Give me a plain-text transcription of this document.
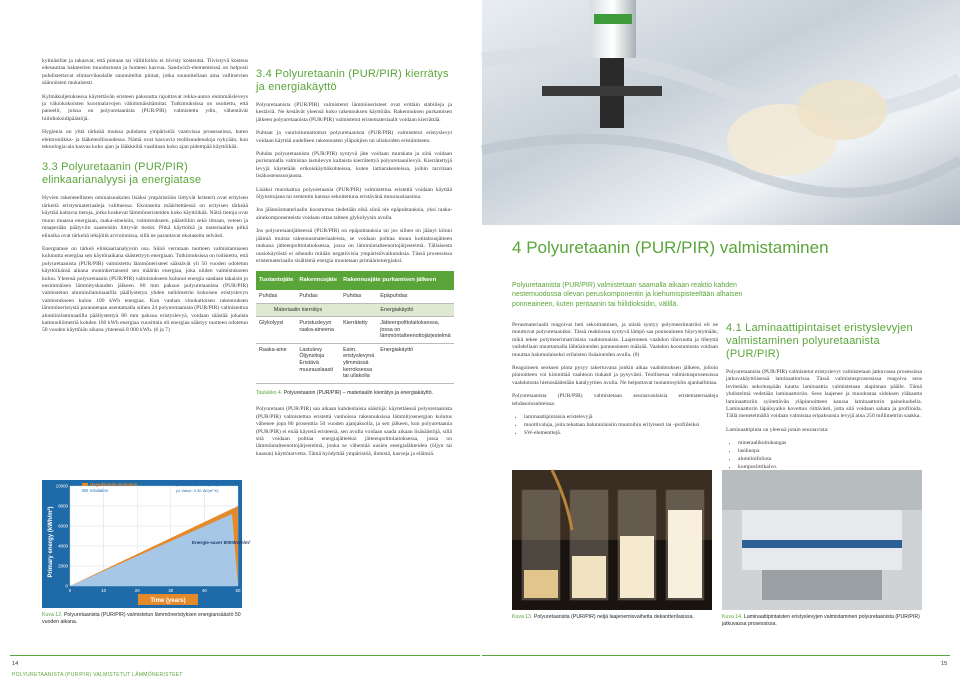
kylmäsillat ja takaavat, että pintaan tai välitiloihin ei tiivisty kosteutta. Tiivistyvä kosteus edesauttaa bakteerien muodostusta ja homeen kasvua. Sandwich-elementeissä on helposti puhdistettavat elintarvikealalle suunnitellut pinnat, jotka suunnitellaan aina vallitsevien säännösten mukaisesti.

Kylmäkuljetuksessa käytettävän eristeen paksuutta rajoittavat rekka-auton enimmäisleveys ja väkiokokoisten kuormalavojen vähimmäisitämitat. Tutkimuksissa on osoitettu, että paneelit, joissa on polyuretaanista (PUR/PIR) valmistettu ydin, vähentävät hiilidioksidipäästöjä.

Hygienia on yhtä tärkeää muissa puhdasta ympäristöä vaativissa prosesseissa, kuten elektroniikka- ja lääketeollisuudessa. Nämä ovat kasvavia teollisuudenaloja nykyään, kun teknologia-ala kasvaa koko ajan ja lääkkeiltä vaaditaan koko ajan pidempää käyttöikää.

3.3 Polyuretaanin (PUR/PIR) elinkaarianalyysi ja energiatase

Hyvien rakenteellisten ominaisuuksien lisäksi ympäristöön liittyvät kriteerit ovat erityisen tärkeitä eristysmateriaaleja valittaessa. Ekotaseita määritettäessä on erityisen tärkeää käyttää kattavia tietoja, jotka koskevat lämmöneristeiden koko käyttöikää. Näitä tietoja ovat muun muassa energiaan, raaka-aineisiin, valmistukseen, päästöihin sekä ilmaan, veteen ja maaperään päätyviin saasteisiin liittyvät tiedot. Pitkä käyttöikä ja materiaalien pitkä elinaika ovat tärkeitä tekijöitä arvioinnissa, sillä ne parantavat ekotaseita selvästi.

Energiatase on tärkeä elinkaarianalyysin osa. Siinä verrataan tuotteen valmistamiseen kulunutta energiaa sen käytönaikana säästettyyn energiaan. Tutkimuksissa on todistettu, että polyuretaanista (PUR/PIR) valmistettu lämmöneristeet säästävät yli 50 vuoden odotetun käyttöikänsä aikana moninkertaisesti sen määrän energiaa, joka niiden valmistukseen kuluu. Yleensä polyuretaanin (PUR/PIR) valmistukseen kulunut energia saadaan takaisin jo ensimmäisen lämmityskauden jälkeen. 80 mm paksun polyuretaanista (PUR/PIR) valmistetun alumiinilaminaatilla päällystetyn yhden neliömetrin kokoisen eristyslevyn valmistukseen kuluu 100 kWh energiaa. Kun vanhan vinokattoisen rakennuksen lämmöneristystä parannetaan asentamalla siihen 24 polyuretaanista (PUR/PIR) valmistettua alumiinilaminaatilla päällystettyä 80 mm paksua eristyslevyä, voidaan säästää jokaista kattoneliömetriä kohden 160 kWh energiaa vuosittain eli energiaa säästyy tuotteen odotetun 50 vuoden käyttöiän aikana yhteensä 8 000 kWh. (6 ja 7)

0
2000
4000
6000
8000
10000
0	10	20	30	40	50
Primary energy (kWh/m²)
Time (years)
Ungedämmte Insulation
Insulation
(U-Value: 1,53 W/(m² K)
(U-Value: 0,30 W/(m² K)
Energie-saver 8000kWh/m²
Kuva 12. Polyuretaanista (PUR/PIR) valmistetun lämmöneristyksen energiansäästö 50 vuoden aikana.
3.4 Polyuretaanin (PUR/PIR) kierrätys ja energiakäyttö

Polyuretaanista (PUR/PIR) valmistetut lämmöneristeet ovat erittäin stabiileja ja kestäviä. Ne kestävät yleensä koko rakennuksen käyttöiän. Rakennuksen purkamisen jälkeen polyuretaanista (PUR/PIR) valmistetut eristemateriaalit voidaan kierrättää.

Puhtaat ja vaurioitumattomat polyuretaanista (PUR/PIR) valmistetut eristyslevyt voidaan käyttää uudelleen rakennusten yläpohjien tai ullakoiden eristämiseen.

Puhdas polyuretaanista (PUR/PIR) syntyvä jäte voidaan murskata ja siitä voidaan puristamalla valmistaa lastulevyn kaltaista kierrätettyä polyuretaanilevyä. Kierrätettyjä levyjä käytetään erikoiskäyttökohteissa, kuten lattiarakenteissa, joihin tarvitaan lisäkosteussuojausta.

Lisäksi murskattua polyuretaania (PUR/PIR) valmistettua eristettä voidaan käyttää öljynsitojana tai sementin kanssa sekoitettuna eristävänä muurauslaastina.

Jos jäännösmateriaalin koostumus tiedetään eikä siinä ole epäpuhtauksia, yksi raaka-ainekomponenteista voidaan ottaa talteen glykolyysin avulla.

Jos polyuretaanijätteessä (PUR/PIR) on epäpuhtauksia tai jos siihen on jäänyt kiinni jäämiä muista rakennusmateriaaleista, se voidaan polttaa muun kotitalousjätteen mukana jätteenpolttolaitoksessa, jossa on lämmöntalteenottojärjestelmä. Tällaisesta uusiokäytöstä ei aiheudu mitään negatiivisia ympäristövaikutuksia. Tässä prosessissa eristemateriaalin sisältämä energia muutetaan primäärienergiaksi.

Tuotantojäte	Rakennusjäte	Rakennusjäte purkamisen jälkeen	
Puhdas	Puhdas	Puhdas	Epäpuhdas
Materiaalin kierrätys		Energiakäyttö	
Glykolyysi	Puristusleyyn raaka-aineena	Kierrätetty	Jätteenpolttolaitoksessa, jossa on lämmöntalteenottojärjestelmä
Raaka-aine	Lastulevy Öljynsitoja Eristävä muurauslaasti	Esim. eristyslevynä ylimmässä kerroksessa tai ullakolla	Energiakäyttö
Taulukko 4. Polyuretaanin (PUR/PIR) – materiaalin kierrätys ja energiakäyttö.

Polyuretaani (PUR/PIR) saa aikaan kahdenlaisia säästöjä: käytettäessä polyuretaanista (PUR/PIR) valmistettua eristettä vanhoissa rakennuksissa lämmitysenergian kulutus vähenee jopa 80 prosenttia 50 vuoden ajanjaksolla, ja sen jälkeen, kun polyuretaania (PUR/PIR) ei enää käytetä eristeenä, sen avulla voidaan saada aikaan lisäsäästöjä, sillä sitä voidaan polttaa energiajätteeksi jätteenpolttolaitoksessa, jossa on lämmöntalteenottojärjestelmä, jonka se vähentää uusien energialähteiden (öljyn tai kaasun) käyttötarvetta. Tämä hyödyttää ympäristöä, ihmistä, kasveja ja eläimiä.

4 Polyuretaanin (PUR/PIR) valmistaminen
Polyuretaanista (PUR/PIR) valmistetaan saamalla aikaan reaktio kahden nestemuodossa olevan peruskomponentin ja kiehumispisteeltään alhaisen ponneaineen, kuten pentaanin tai hiilidioksidin, välillä.

Perusmateriaalit reagoivat heti sekoittamisen, ja niistä syntyy polymeerimatriisi eli ne muuttuvat polyuretaaniksi. Tässä reaktiossa syntyvä lämpö saa ponneaineen höyrystymään, mikä tekee polymeerimatriisista vaahtomaista. Laajenneen vaahdon tilavuutta ja tiheyttä vaihdellaan muuttamalla lähtöaineiden ponneaineen määrää. Vaahdon koostumusta voidaan muuttaa halutunlaiseksi erilaisten lisäaineiden avulla. (8)

Reagoineen seoksen pinta pysyy takertuvana jonkin aikaa vaahdotuksen jälkeen, jolloin pinnoitteen voi kiinnittää vaahtoon tiukasti ja pysyvästi. Teollisessa valmistusprosessissa vaahdotusta hienosäädetään katalyyttien avulla. Ne helpottavat tuotantosyklin ajanhallintaa.

Polyuretaanista (PUR/PIR) valmistetaan seuraavanlaisia eristemateriaaleja tehdasolosuhteissa:

• laminaattipintaisia eristelevyjä
• muottivaluja, joita tekataan halutunlaisiin muotoihin erityisesti tai -profiileiksi
• SW-elementtejä.
4.1 Laminaattipintaiset eristyslevyjen valmistaminen polyuretaanista (PUR/PIR)

Polyuretaanista (PUR/PIR) valmistetut eristyslevyt valmistetaan jatkuvassa prosessissa jatkuvakäyttöisessä laminaattorissa. Tässä valmistusprosessissa reagoiva seos levitetään sekoituspään kautta laminaattia valmistetaan alapinnan päälle. Tämä yhdistelmä vedetään laminaattoriin. Seos laajenee ja muodostaa sidoksen yläkautta laminaattoriin syötettävän yläpinnoitteen kanssa laminaattorin paineluohella. Laminaattorin läpäisyaiko kovettuu riittävästi, jotta sitä voidaan sahata ja profiloida. Tällä menetelmällä voidaan valmistaa eripaksuisia levyjä aina 250 millimetriin saakka.

Laminaattipinta on yleensä jotain seuraavista:

• mineraalikuitukangas
• lasihuopa
• alumiinifoliota
• komposiittikalvo.
Kuva 13. Polyuretaanista (PUR/PIR) neljä laajenemisvaihetta dekantterilasissa.	Kuva 14. Laminaattipintaisten eristyslevyjen valmistaminen polyuretaanista (PUR/PIR) jatkuvassa prosessissa.
14
POLYURETAANISTA (PUR/PIR) VALMISTETUT LÄMMÖNERISTEET
15
